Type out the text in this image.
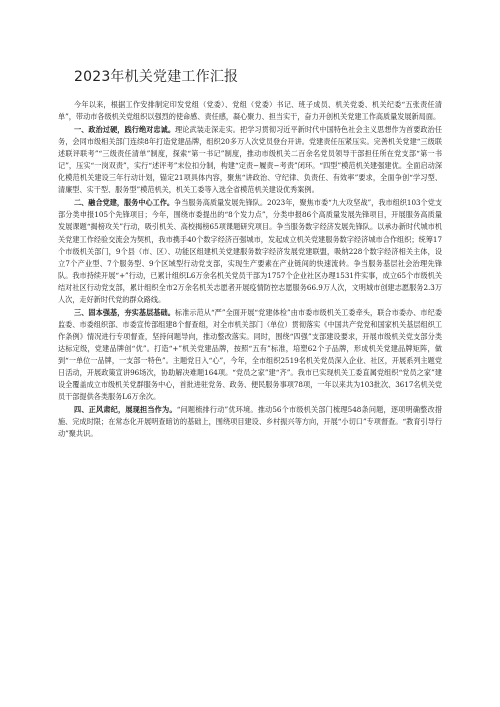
2023年机关党建工作汇报

今年以来，根据工作安排制定印发党组（党委）、党组（党委）书记、班子成员、机关党委、机关纪委“五张责任清单”，带动市各级机关党组织以强烈的使命感、责任感，凝心聚力、担当实干，奋力开创机关党建工作高质量发展新局面。

一、政治过硬，践行绝对忠诚。理论武装走深走实。把学习贯彻习近平新时代中国特色社会主义思想作为首要政治任务，会同市级相关部门连续8年打造党建品牌，组织20多万人次党员登台开讲。党建责任压紧压实。完善机关党建“三级联述联评联考”“三级责任清单”制度，探索“第一书记”制度，推动市级机关二百余名党员领导干部担任所在党支部“第一书记”，压实“一岗双责”，实行“述评考”末位扣分制，构建“定责−履责−考责”闭环。“四型”模范机关建强建优。全面启动深化模范机关建设三年行动计划，锚定21项具体内容，聚焦“讲政治、守纪律、负责任、有效率”要求，全面争创“学习型、清廉型、实干型、服务型”模范机关，机关工委等入选全省模范机关建设优秀案例。

二、融合党建，服务中心工作。争当服务高质量发展先锋队。2023年，聚焦市委“九大攻坚战”，我市组织103个党支部分类申报105个先锋项目；今年，围绕市委提出的“8个发力点”，分类申报86个高质量发展先锋项目，开展服务高质量发展课题“揭榜攻关”行动，吸引机关、高校揭榜65项课题研究项目。争当服务数字经济发展先锋队。以承办新时代城市机关党建工作经验交流会为契机，我市携手40个数字经济百强城市，发起成立机关党建服务数字经济城市合作组织；统筹17个市级机关部门，9个县（市、区）、功能区组建机关党建服务数字经济发展党建联盟，吸纳228个数字经济相关主体，设立7个产业型、7个服务型、9个区域型行动党支部，实现生产要素在产业链间的快速流转。争当服务基层社会治理先锋队。我市持续开展“+”行动，已累计组织L6万余名机关党员干部为1757个企业社区办理1531件实事，成立65个市级机关结对社区行动党支部，累计组织全市2万余名机关志愿者开展疫情防控志愿服务66.9万人次，文明城市创建志愿服务2.3万人次，走好新时代党的群众路线。

三、固本强基，夯实基层基础。标准示范从“严”全面开展“党建体检”由市委市级机关工委牵头，联合市委办、市纪委监委、市委组织部、市委宣传部组建8个督查组，对全市机关部门（单位）贯彻落实《中国共产党党和国家机关基层组织工作条例》情况进行专项督查，坚持问题导向，推动整改落实。同时，围绕“四强”支部建设要求，开展市级机关党支部分类达标定级，党建品牌创“优”。打造“+”机关党建品牌，按照“五有”标准，培塑62个子品牌，形成机关党建品牌矩阵，做到“一单位一品牌，一支部一特色”。主题党日入“心”，今年，全市组织2519名机关党员深入企业、社区，开展系列主题党日活动，开展政策宣讲96场次，协助解决难题164项。“党员之家”建“齐”。我市已实现机关工委直属党组织“党员之家”建设全覆盖成立市级机关党群服务中心，首批进驻党务、政务、便民服务事项78项，一年以来共为103批次、3617名机关党员干部提供各类服务L6万余次。

四、正风肃纪，展现担当作为。“问题梳排行动”优环境。推动56个市级机关部门梳理548条问题，逐项明确整改措施、完成时限；在常态化开展明查暗访的基础上，围绕项目建设、乡村振兴等方向，开展“小切口”专项督查。“教育引导行动”聚共识。
